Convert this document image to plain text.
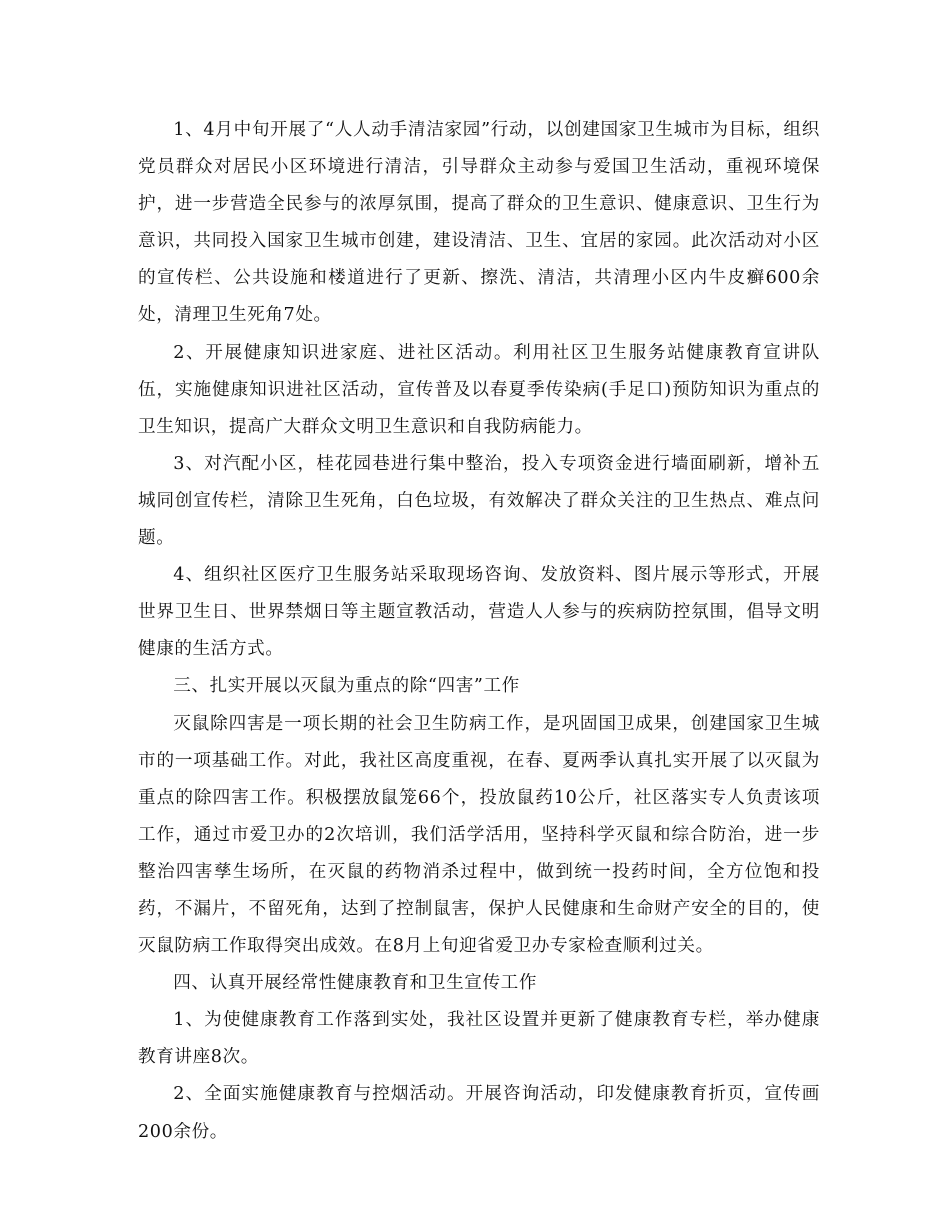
1、4月中旬开展了“人人动手清洁家园”行动，以创建国家卫生城市为目标，组织党员群众对居民小区环境进行清洁，引导群众主动参与爱国卫生活动，重视环境保护，进一步营造全民参与的浓厚氛围，提高了群众的卫生意识、健康意识、卫生行为意识，共同投入国家卫生城市创建，建设清洁、卫生、宜居的家园。此次活动对小区的宣传栏、公共设施和楼道进行了更新、擦洗、清洁，共清理小区内牛皮癣600余处，清理卫生死角7处。

2、开展健康知识进家庭、进社区活动。利用社区卫生服务站健康教育宣讲队伍，实施健康知识进社区活动，宣传普及以春夏季传染病(手足口)预防知识为重点的卫生知识，提高广大群众文明卫生意识和自我防病能力。

3、对汽配小区，桂花园巷进行集中整治，投入专项资金进行墙面刷新，增补五城同创宣传栏，清除卫生死角，白色垃圾，有效解决了群众关注的卫生热点、难点问题。

4、组织社区医疗卫生服务站采取现场咨询、发放资料、图片展示等形式，开展世界卫生日、世界禁烟日等主题宣教活动，营造人人参与的疾病防控氛围，倡导文明健康的生活方式。

三、扎实开展以灭鼠为重点的除“四害”工作

灭鼠除四害是一项长期的社会卫生防病工作，是巩固国卫成果，创建国家卫生城市的一项基础工作。对此，我社区高度重视，在春、夏两季认真扎实开展了以灭鼠为重点的除四害工作。积极摆放鼠笼66个，投放鼠药10公斤，社区落实专人负责该项工作，通过市爱卫办的2次培训，我们活学活用，坚持科学灭鼠和综合防治，进一步整治四害孳生场所，在灭鼠的药物消杀过程中，做到统一投药时间，全方位饱和投药，不漏片，不留死角，达到了控制鼠害，保护人民健康和生命财产安全的目的，使灭鼠防病工作取得突出成效。在8月上旬迎省爱卫办专家检查顺利过关。

四、认真开展经常性健康教育和卫生宣传工作

1、为使健康教育工作落到实处，我社区设置并更新了健康教育专栏，举办健康教育讲座8次。

2、全面实施健康教育与控烟活动。开展咨询活动，印发健康教育折页，宣传画200余份。
